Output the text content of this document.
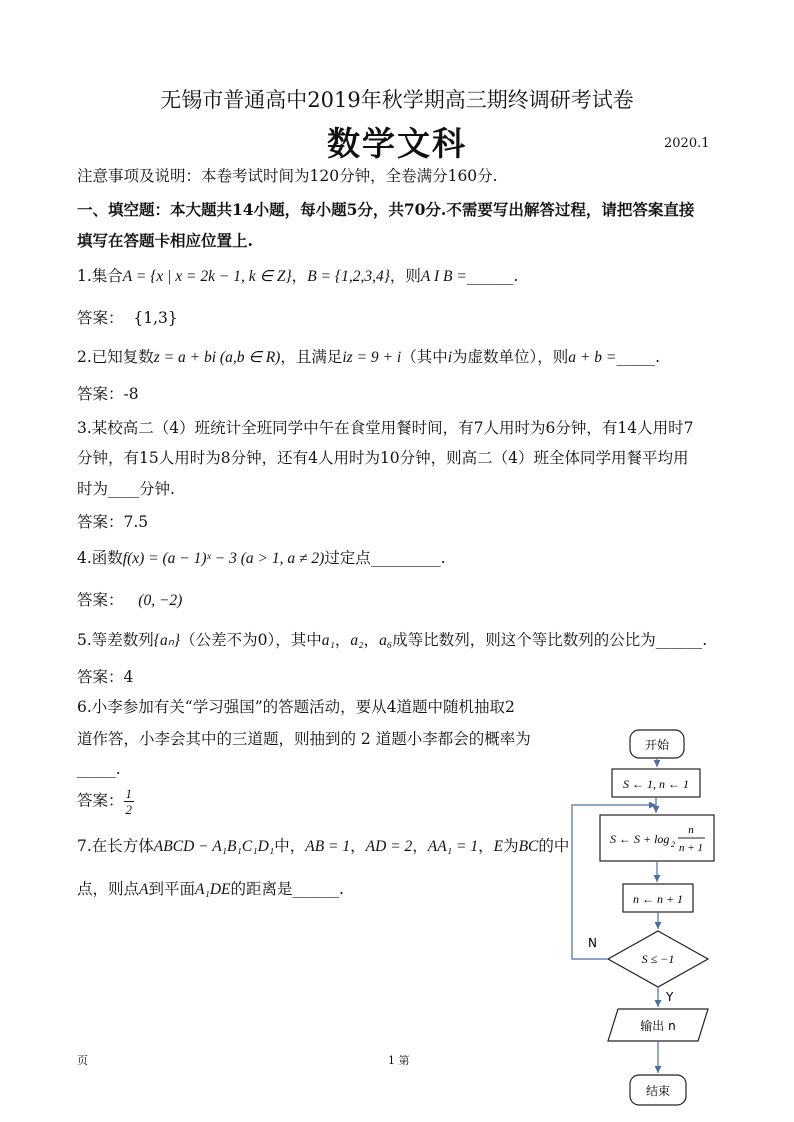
无锡市普通高中2019年秋学期高三期终调研考试卷
数学文科	2020.1
注意事项及说明：本卷考试时间为120分钟，全卷满分160分.
一、填空题：本大题共14小题，每小题5分，共70分.不需要写出解答过程，请把答案直接
填写在答题卡相应位置上.
1.集合A = {x | x = 2k − 1, k ∈ Z}，B = {1,2,3,4}，则A I B =______.
答案： {1,3}
2.已知复数z = a + bi (a,b ∈ R)，且满足iz = 9 + i（其中i为虚数单位），则a + b =_____.
答案：-8
3.某校高二（4）班统计全班同学中午在食堂用餐时间，有7人用时为6分钟，有14人用时7
分钟，有15人用时为8分钟，还有4人用时为10分钟，则高二（4）班全体同学用餐平均用
时为____分钟.
答案：7.5
4.函数f(x) = (a − 1)ˣ − 3 (a > 1, a ≠ 2)过定点_________.
答案： (0, −2)
5.等差数列{aₙ}（公差不为0），其中a₁，a₂，a₆成等比数列，则这个等比数列的公比为______.
答案：4
6.小李参加有关“学习强国”的答题活动，要从4道题中随机抽取2
道作答，小李会其中的三道题，则抽到的 2 道题小李都会的概率为
_____.
答案： $\frac{1}{2}$
7.在长方体ABCD − A₁B₁C₁D₁中，AB = 1，AD = 2，AA₁ = 1，E为BC的中
点，则点A到平面A₁DE的距离是______.
开始
S ← 1, n ← 1
S ← S + log 2
n
n + 1
n ← n + 1
S ≤ −1
N
Y
输出 n
结束
页	1 第
